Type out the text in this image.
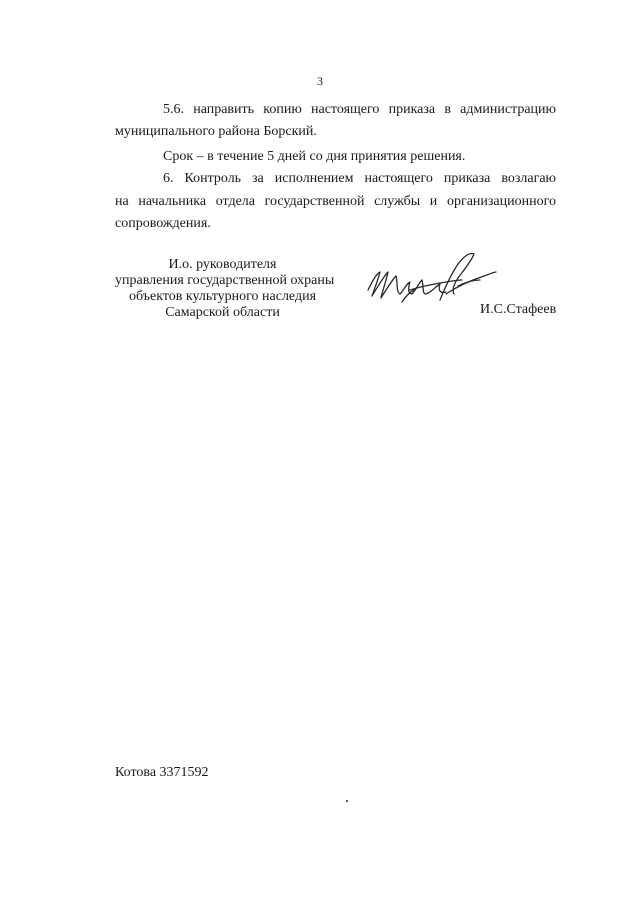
3
5.6. направить копию настоящего приказа в администрацию
муниципального района Борский.
Срок – в течение 5 дней со дня принятия решения.
6. Контроль за исполнением настоящего приказа возлагаю
на начальника отдела государственной службы и организационного
сопровождения.
И.о. руководителя
управления государственной охраны
объектов культурного наследия
Самарской области	И.С.Стафеев
Котова 3371592
